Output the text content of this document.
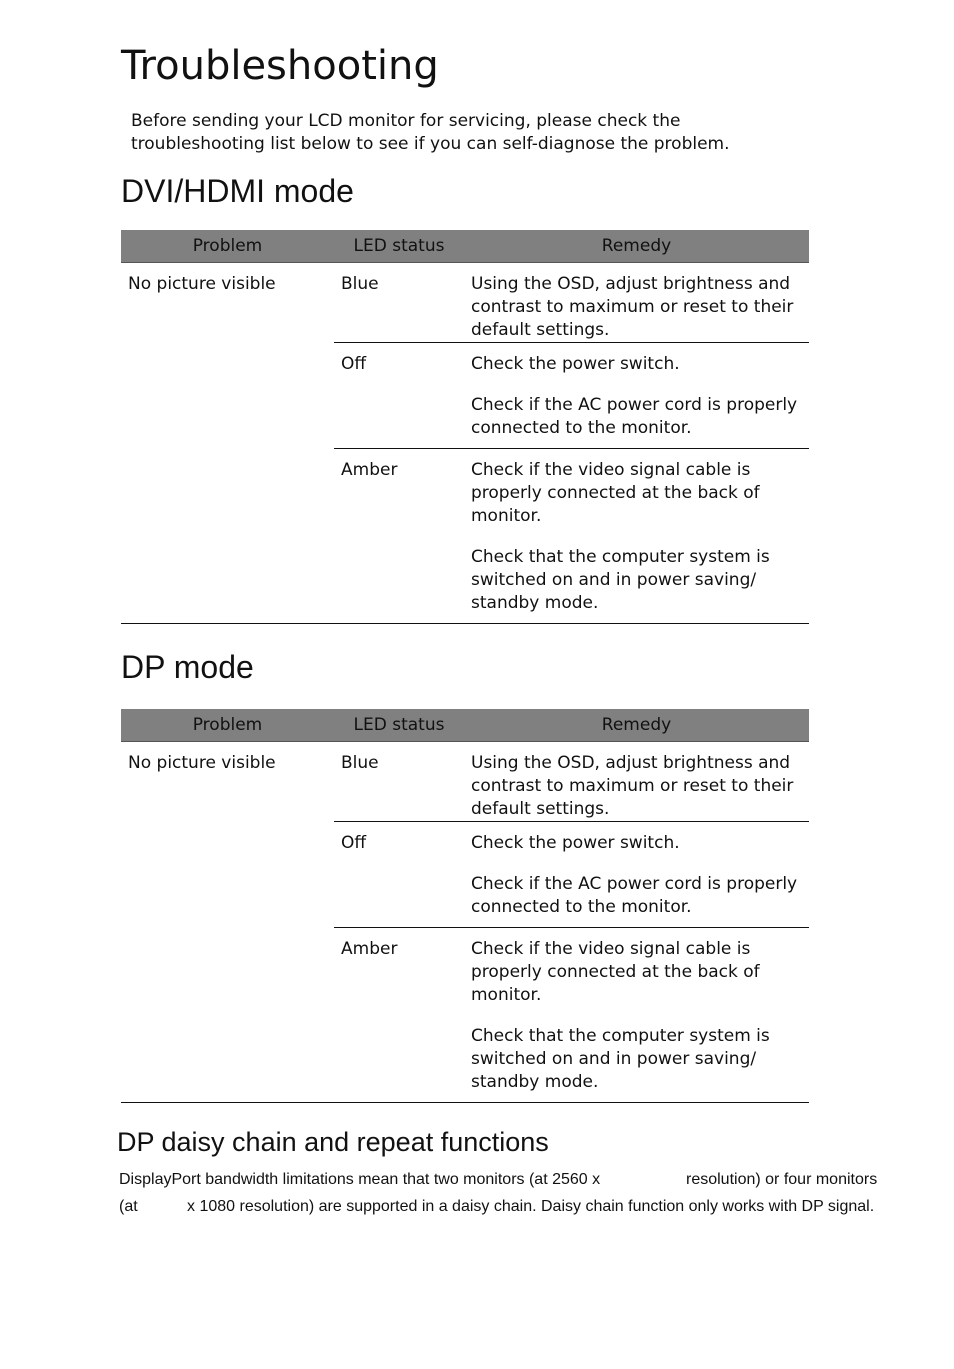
Troubleshooting
Before sending your LCD monitor for servicing, please check the
troubleshooting list below to see if you can self-diagnose the problem.
DVI/HDMI mode
Problem	LED status	Remedy
No picture visible	Blue	Using the OSD, adjust brightness and contrast to maximum or reset to their default settings.

	Off	Check the power switch.

Check if the AC power cord is properly connected to the monitor.

	Amber	Check if the video signal cable is properly connected at the back of monitor.

Check that the computer system is switched on and in power saving/ standby mode.

DP mode
Problem	LED status	Remedy
No picture visible	Blue	Using the OSD, adjust brightness and contrast to maximum or reset to their default settings.

	Off	Check the power switch.

Check if the AC power cord is properly connected to the monitor.

	Amber	Check if the video signal cable is properly connected at the back of monitor.

Check that the computer system is switched on and in power saving/ standby mode.

DP daisy chain and repeat functions

DisplayPort bandwidth limitations mean that two monitors (at 2560 x	resolution) or four monitors

(at	x 1080 resolution) are supported in a daisy chain. Daisy chain function only works with DP signal.
